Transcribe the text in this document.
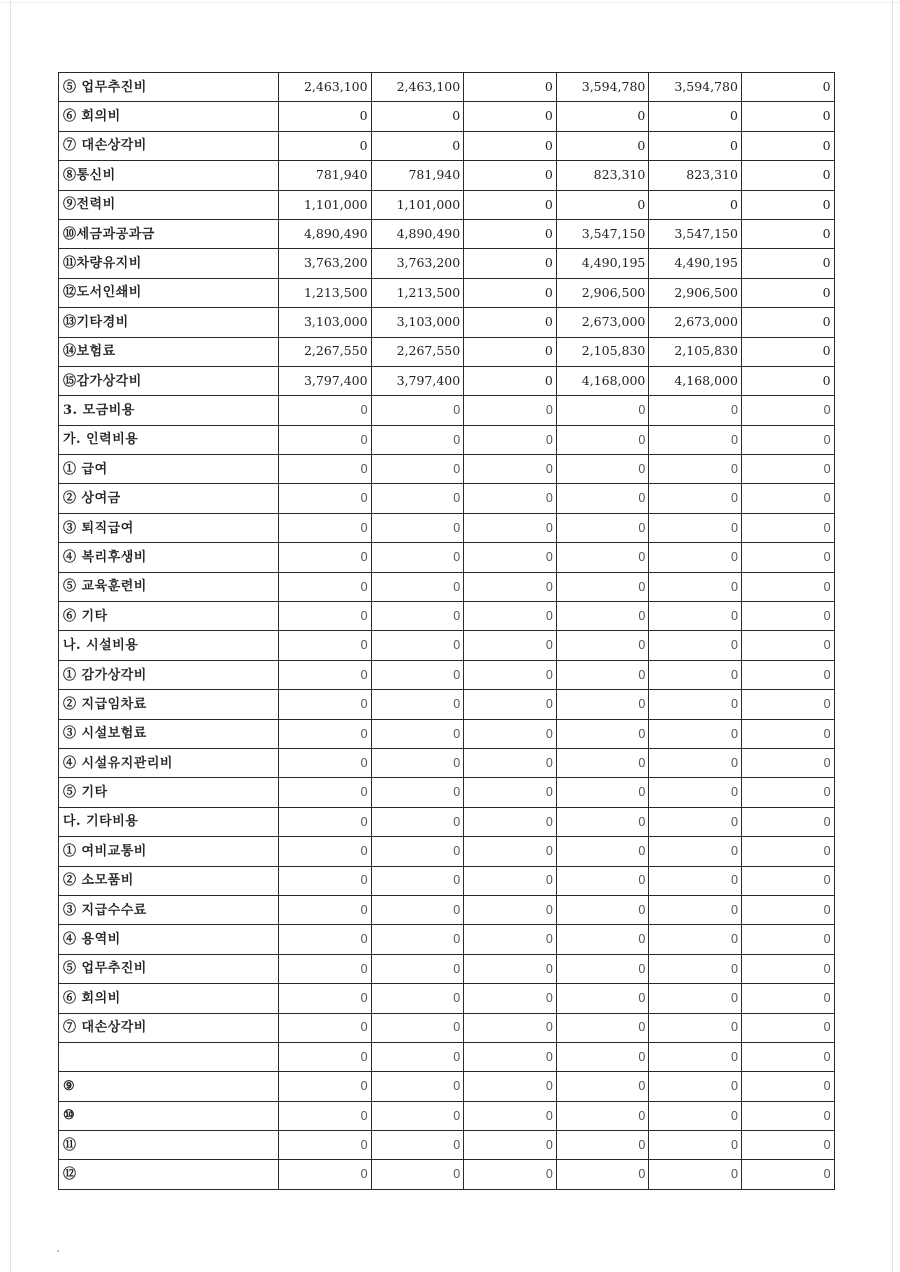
⑤ 업무추진비	2,463,100	2,463,100	0	3,594,780	3,594,780	0
⑥ 회의비	0	0	0	0	0	0
⑦ 대손상각비	0	0	0	0	0	0
⑧통신비	781,940	781,940	0	823,310	823,310	0
⑨전력비	1,101,000	1,101,000	0	0	0	0
⑩세금과공과금	4,890,490	4,890,490	0	3,547,150	3,547,150	0
⑪차량유지비	3,763,200	3,763,200	0	4,490,195	4,490,195	0
⑫도서인쇄비	1,213,500	1,213,500	0	2,906,500	2,906,500	0
⑬기타경비	3,103,000	3,103,000	0	2,673,000	2,673,000	0
⑭보험료	2,267,550	2,267,550	0	2,105,830	2,105,830	0
⑮감가상각비	3,797,400	3,797,400	0	4,168,000	4,168,000	0
3. 모금비용	0	0	0	0	0	0
가. 인력비용	0	0	0	0	0	0
① 급여	0	0	0	0	0	0
② 상여금	0	0	0	0	0	0
③ 퇴직급여	0	0	0	0	0	0
④ 복리후생비	0	0	0	0	0	0
⑤ 교육훈련비	0	0	0	0	0	0
⑥ 기타	0	0	0	0	0	0
나. 시설비용	0	0	0	0	0	0
① 감가상각비	0	0	0	0	0	0
② 지급임차료	0	0	0	0	0	0
③ 시설보험료	0	0	0	0	0	0
④ 시설유지관리비	0	0	0	0	0	0
⑤ 기타	0	0	0	0	0	0
다. 기타비용	0	0	0	0	0	0
① 여비교통비	0	0	0	0	0	0
② 소모품비	0	0	0	0	0	0
③ 지급수수료	0	0	0	0	0	0
④ 용역비	0	0	0	0	0	0
⑤ 업무추진비	0	0	0	0	0	0
⑥ 회의비	0	0	0	0	0	0
⑦ 대손상각비	0	0	0	0	0	0
	0	0	0	0	0	0
⑨	0	0	0	0	0	0
⑩	0	0	0	0	0	0
⑪	0	0	0	0	0	0
⑫	0	0	0	0	0	0
